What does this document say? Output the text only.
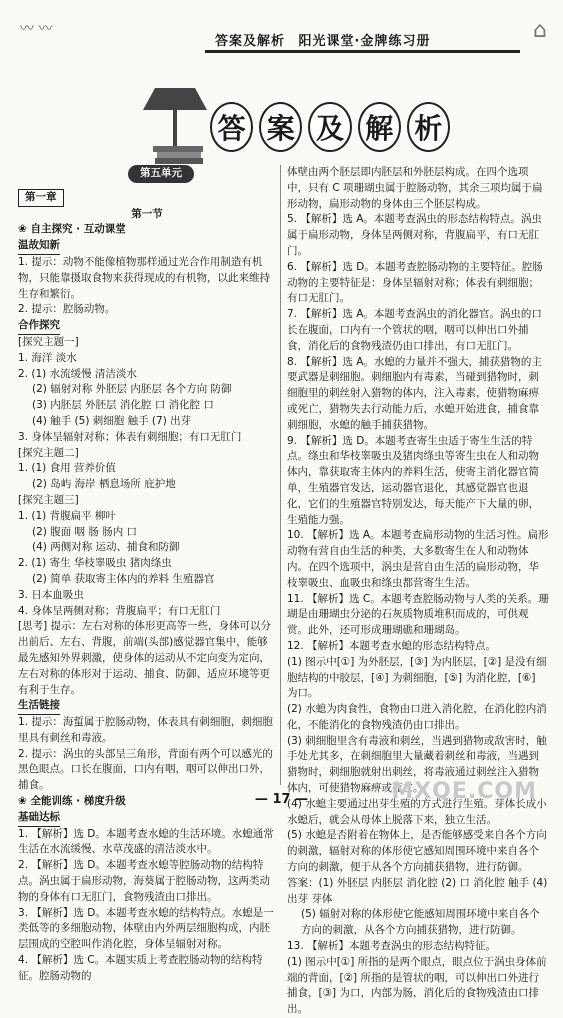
〰 〰
答案及解析 阳光课堂·金牌练习册	⌂
答 案 及 解 析

第五单元

第一章

第一节

❀ 自主探究 · 互动课堂

温故知新

1. 提示：动物不能像植物那样通过光合作用制造有机物，只能靠摄取食物来获得现成的有机物，以此来维持生存和繁衍。

2. 提示：腔肠动物。

合作探究

[探究主题一]

1. 海洋 淡水

2. (1) 水流缓慢 清洁淡水

(2) 辐射对称 外胚层 内胚层 各个方向 防御

(3) 内胚层 外胚层 消化腔 口 消化腔 口

(4) 触手 (5) 刺细胞 触手 (7) 出芽

3. 身体呈辐射对称；体表有刺细胞；有口无肛门

[探究主题二]

1. (1) 食用 营养价值

(2) 岛屿 海岸 栖息场所 庇护地

[探究主题三]

1. (1) 背腹扁平 柳叶

(2) 腹面 咽 肠 肠内 口

(4) 两侧对称 运动、捕食和防御

2. (1) 寄生 华枝睾吸虫 猪肉绦虫

(2) 简单 获取寄主体内的养料 生殖器官

3. 日本血吸虫

4. 身体呈两侧对称；背腹扁平；有口无肛门

[思考] 提示：左右对称的体形更高等一些，身体可以分出前后、左右、背腹，前端(头部)感觉器官集中，能够最先感知外界刺激，使身体的运动从不定向变为定向，左右对称的体形对于运动、捕食、防御、适应环境等更有利于生存。

生活链接

1. 提示：海蜇属于腔肠动物，体表具有刺细胞，刺细胞里具有刺丝和毒液。

2. 提示：涡虫的头部呈三角形，背面有两个可以感光的黑色眼点。口长在腹面，口内有咽，咽可以伸出口外，捕食。

❀ 全能训练 · 梯度升级

基础达标

1. 【解析】选 D。本题考查水螅的生活环境。水螅通常生活在水流缓慢、水草茂盛的清洁淡水中。

2. 【解析】选 D。本题考查水螅等腔肠动物的结构特点。涡虫属于扁形动物，海葵属于腔肠动物，这两类动物的身体有口无肛门，食物残渣由口排出。

3. 【解析】选 D。本题考查水螅的结构特点。水螅是一类低等的多细胞动物，体壁由内外两层细胞构成，内胚层围成的空腔叫作消化腔，身体呈辐射对称。

4. 【解析】选 C。本题实质上考查腔肠动物的结构特征。腔肠动物的

体壁由两个胚层即内胚层和外胚层构成。在四个选项中，只有 C 项珊瑚虫属于腔肠动物，其余三项均属于扁形动物，扁形动物的身体由三个胚层构成。

5. 【解析】选 A。本题考查涡虫的形态结构特点。涡虫属于扁形动物，身体呈两侧对称，背腹扁平，有口无肛门。

6. 【解析】选 D。本题考查腔肠动物的主要特征。腔肠动物的主要特征是：身体呈辐射对称；体表有刺细胞；有口无肛门。

7. 【解析】选 A。本题考查涡虫的消化器官。涡虫的口长在腹面，口内有一个管状的咽，咽可以伸出口外捕食，消化后的食物残渣仍由口排出，有口无肛门。

8. 【解析】选 A。水螅的力量并不强大，捕获猎物的主要武器是刺细胞。刺细胞内有毒素，当碰到猎物时，刺细胞里的刺丝射入猎物的体内，注入毒素，使猎物麻痹或死亡，猎物失去行动能力后，水螅开始进食，捕食靠刺细胞，水螅的触手捕获猎物。

9. 【解析】选 D。本题考查寄生虫适于寄生生活的特点。绦虫和华枝睾吸虫及猪肉绦虫等寄生虫在人和动物体内，靠获取寄主体内的养料生活，使寄主消化器官简单，生殖器官发达，运动器官退化，其感觉器官也退化，它们的生殖器官特别发达，每天能产下大量的卵，生殖能力强。

10. 【解析】选 A。本题考查扁形动物的生活习性。扁形动物有营自由生活的种类，大多数寄生在人和动物体内。在四个选项中，涡虫是营自由生活的扁形动物，华枝睾吸虫、血吸虫和绦虫都营寄生生活。

11. 【解析】选 C。本题考查腔肠动物与人类的关系。珊瑚是由珊瑚虫分泌的石灰质物质堆积而成的，可供观赏。此外，还可形成珊瑚礁和珊瑚岛。

12. 【解析】本题考查水螅的形态结构特点。

(1) 图示中[①] 为外胚层，[③] 为内胚层，[②] 是没有细胞结构的中胶层，[④] 为刺细胞，[⑤] 为消化腔，[⑥] 为口。

(2) 水螅为肉食性，食物由口进入消化腔，在消化腔内消化，不能消化的食物残渣仍由口排出。

(3) 刺细胞里含有毒液和刺丝，当遇到猎物或敌害时，触手处尤其多，在刺细胞里大量藏着刺丝和毒液，当遇到猎物时，刺细胞就射出刺丝，将毒液通过刺丝注入猎物体内，可使猎物麻痹或死亡。

(4) 水螅主要通过出芽生殖的方式进行生殖。芽体长成小水螅后，就会从母体上脱落下来，独立生活。

(5) 水螅是否附着在物体上，是否能够感受来自各个方向的刺激，辐射对称的体形使它感知周围环境中来自各个方向的刺激，便于从各个方向捕获猎物，进行防御。

答案：(1) 外胚层 内胚层 消化腔 (2) 口 消化腔 触手 (4) 出芽 芽体

(5) 辐射对称的体形使它能感知周围环境中来自各个方向的刺激，从各个方向捕获猎物，进行防御。

13. 【解析】本题考查涡虫的形态结构特征。

(1) 图示中[①] 所指的是两个眼点，眼点位于涡虫身体前端的背面，[②] 所指的是管状的咽，可以伸出口外进行捕食，[③] 为口，内部为肠，消化后的食物残渣由口排出。

— 17 —	MXQE.COM
